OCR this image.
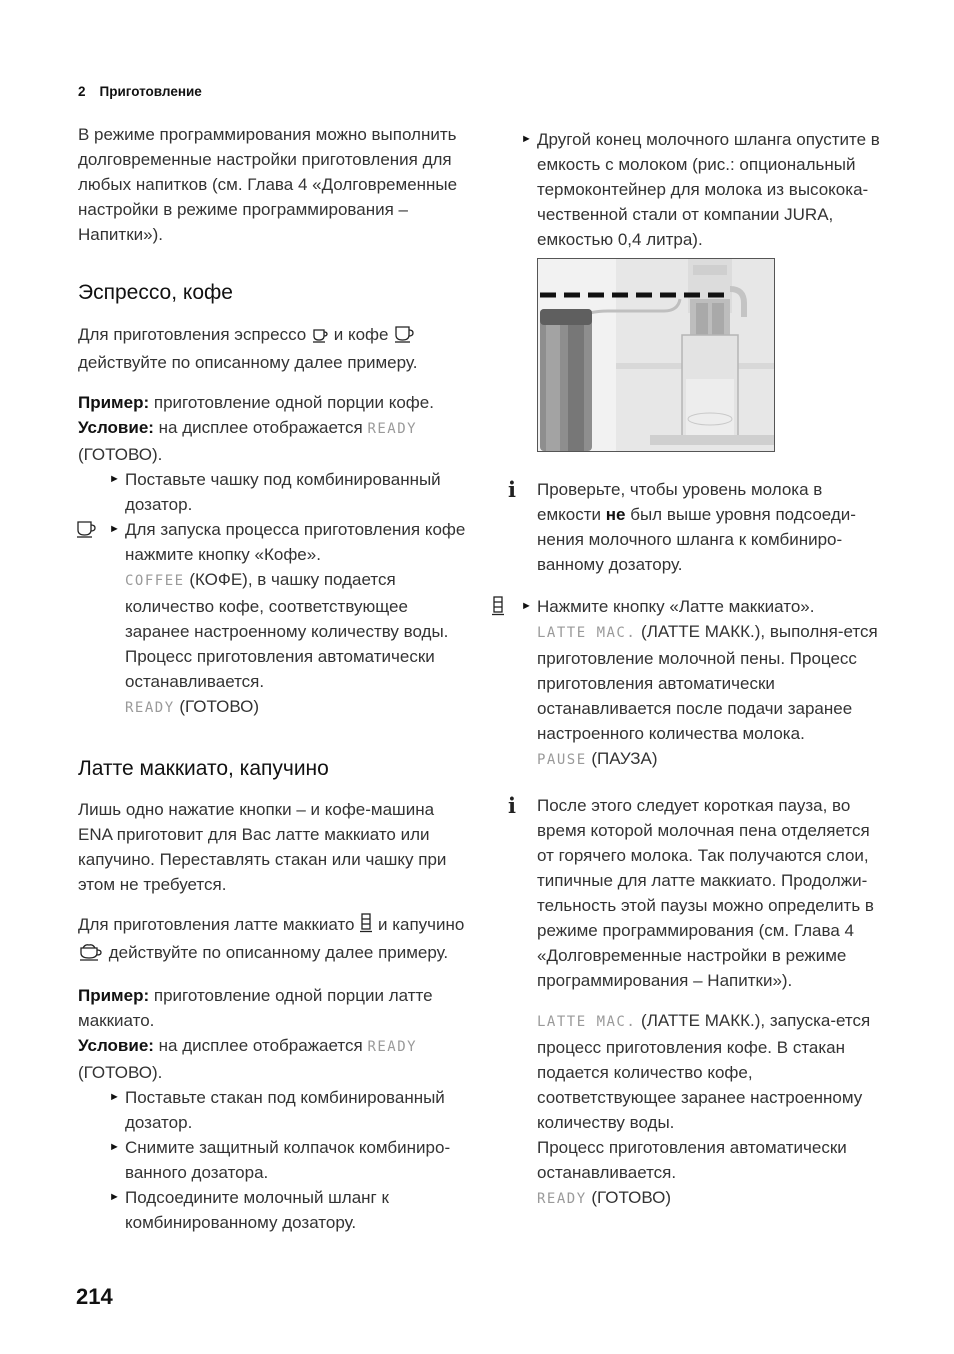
2 Приготовление

В режиме программирования можно выполнить долговременные настройки приготовления для любых напитков (см. Глава 4 «Долговременные настройки в режиме программирования – Напитки»).

Эспрессо, кофе

Для приготовления эспрессо и кофе  действуйте по описанному далее примеру.

Пример: приготовление одной порции кофе.
Условие: на дисплее отображается READY
(ГОТОВО).

► Поставьте чашку под комбинированный дозатор.
► Для запуска процесса приготовления кофе нажмите кнопку «Кофе».
COFFEE (КОФЕ), в чашку подается количество кофе, соответствующее заранее настроенному количеству воды. Процесс приготовления автоматически останавливается.
READY (ГОТОВО)
Латте маккиато, капучино

Лишь одно нажатие кнопки – и кофе-машина ENA приготовит для Вас латте маккиато или капучино. Переставлять стакан или чашку при этом не требуется.

Для приготовления латте маккиато и капучино  действуйте по описанному далее примеру.

Пример: приготовление одной порции латте маккиато.
Условие: на дисплее отображается READY
(ГОТОВО).

► Поставьте стакан под комбинированный дозатор.
► Снимите защитный колпачок комбиниро-ванного дозатора.
► Подсоедините молочный шланг к комбинированному дозатору.
► Другой конец молочного шланга опустите в емкость с молоком (рис.: опциональный термоконтейнер для молока из высокока-чественной стали от компании JURA, емкостью 0,4 литра).
i Проверьте, чтобы уровень молока в емкости не был выше уровня подсоеди-нения молочного шланга к комбиниро-ванному дозатору.
► Нажмите кнопку «Латте маккиато».
LATTE MAC. (ЛАТТЕ МАКК.), выполня-ется приготовление молочной пены. Процесс приготовления автоматически останавливается после подачи заранее настроенного количества молока.
PAUSE (ПАУЗА)
i После этого следует короткая пауза, во время которой молочная пена отделяется от горячего молока. Так получаются слои, типичные для латте маккиато. Продолжи-тельность этой паузы можно определить в режиме программирования (см. Глава 4 «Долговременные настройки в режиме программирования – Напитки»).

LATTE MAC. (ЛАТТЕ МАКК.), запуска-ется процесс приготовления кофе. В стакан подается количество кофе, соответствующее заранее настроенному количеству воды.
Процесс приготовления автоматически останавливается.
READY (ГОТОВО)

214
